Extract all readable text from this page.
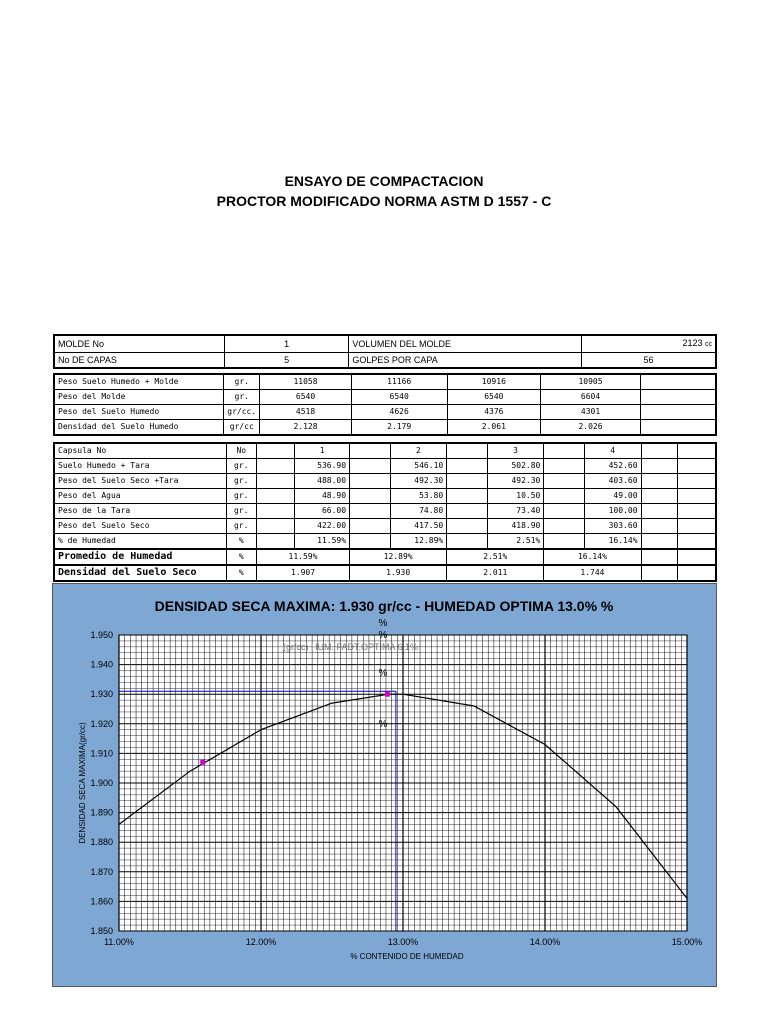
ENSAYO DE COMPACTACION
PROCTOR MODIFICADO NORMA ASTM D 1557 - C
MOLDE No	1	VOLUMEN DEL MOLDE	2123 cc
No DE CAPAS	5	GOLPES POR CAPA	56
Peso Suelo Humedo + Molde	gr.	11058	11166	10916	10905	
Peso del Molde	gr.	6540	6540	6540	6604	
Peso del Suelo Humedo	gr/cc.	4518	4626	4376	4301	
Densidad del Suelo Humedo	gr/cc	2.128	2.179	2.061	2.026	
Capsula No	No		1		2		3		4		
Suelo Humedo + Tara	gr.		536.90		546.10		502.80		452.60		
Peso del Suelo Seco +Tara	gr.		488.00		492.30		492.30		403.60		
Peso del Agua	gr.		48.90		53.80		10.50		49.00		
Peso de la Tara	gr.		66.00		74.80		73.40		100.00		
Peso del Suelo Seco	gr.		422.00		417.50		418.90		303.60		
% de Humedad	%		11.59%		12.89%		2.51%		16.14%		
Promedio de Humedad	%	11.59%		12.89%		2.51%		16.14%			
Densidad del Suelo Seco	%	1.907		1.930		2.011		1.744			
1.950
1.940
1.930
1.920
1.910
1.900
1.890
1.880
1.870
1.860
1.850
11.00%	12.00%	13.00%	14.00%	15.00%
DENSIDAD SECA MAXIMA: 1.930 gr/cc - HUMEDAD OPTIMA 13.0% %
% CONTENIDO DE HUMEDAD
DENSIDAD SECA MAXIMA(gr/cc)
%
%
%
%
(gr/cc) HUM. FADT.OPTIMA 6.1%
